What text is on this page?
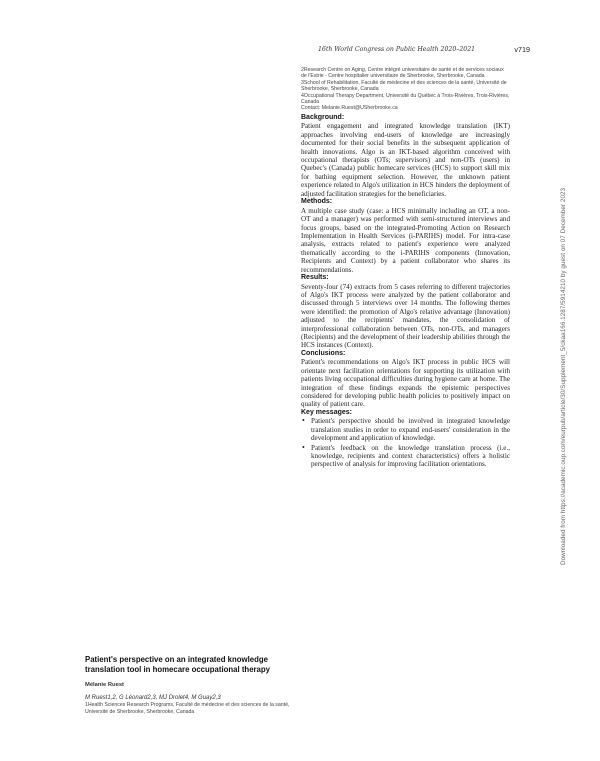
16th World Congress on Public Health 2020–2021	v719

2Research Centre on Aging, Centre intégré universitaire de santé et de services sociaux de l'Estrie - Centre hospitalier universitaire de Sherbrooke, Sherbrooke, Canada

3School of Rehabilitation, Faculté de médecine et des sciences de la santé, Université de Sherbrooke, Sherbrooke, Canada

4Occupational Therapy Department, Université du Québec à Trois-Rivières, Trois-Rivières, Canada

Contact: Melanie.Ruest@USherbrooke.ca

Background:

Patient engagement and integrated knowledge translation (IKT) approaches involving end-users of knowledge are increasingly documented for their social benefits in the subsequent application of health innovations. Algo is an IKT-based algorithm conceived with occupational therapists (OTs; supervisors) and non-OTs (users) in Quebec's (Canada) public homecare services (HCS) to support skill mix for bathing equipment selection. However, the unknown patient experience related to Algo's utilization in HCS hinders the deployment of adjusted facilitation strategies for the beneficiaries.

Methods:

A multiple case study (case: a HCS minimally including an OT, a non-OT and a manager) was performed with semi-structured interviews and focus groups, based on the integrated-Promoting Action on Research Implementation in Health Services (i-PARIHS) model. For intra-case analysis, extracts related to patient's experience were analyzed thematically according to the i-PARIHS components (Innovation, Recipients and Context) by a patient collaborator who shares its recommendations.

Results:

Seventy-four (74) extracts from 5 cases referring to different trajectories of Algo's IKT process were analyzed by the patient collaborator and discussed through 5 interviews over 14 months. The following themes were identified: the promotion of Algo's relative advantage (Innovation) adjusted to the recipients' mandates, the consolidation of interprofessional collaboration between OTs, non-OTs, and managers (Recipients) and the development of their leadership abilities through the HCS instances (Context).

Conclusions:

Patient's recommendations on Algo's IKT process in public HCS will orientate next facilitation orientations for supporting its utilization with patients living occupational difficulties during hygiene care at home. The integration of these findings expands the epistemic perspectives considered for developing public health policies to positively impact on quality of patient care.

Key messages:

• Patient's perspective should be involved in integrated knowledge translation studies in order to expand end-users' consideration in the development and application of knowledge.
• Patient's feedback on the knowledge translation process (i.e., knowledge, recipients and context characteristics) offers a holistic perspective of analysis for improving facilitation orientations.	Downloaded from https://academic.oup.com/eurpub/article/30/Supplement_5/ckaa166.1287/5914210 by guest on 07 December 2023

Patient's perspective on an integrated knowledge translation tool in homecare occupational therapy

Mélanie Ruest

M Ruest1,2, G Léonard2,3, MJ Drolet4, M Guay2,3

1Health Sciences Research Programs, Faculté de médecine et des sciences de la santé, Université de Sherbrooke, Sherbrooke, Canada
